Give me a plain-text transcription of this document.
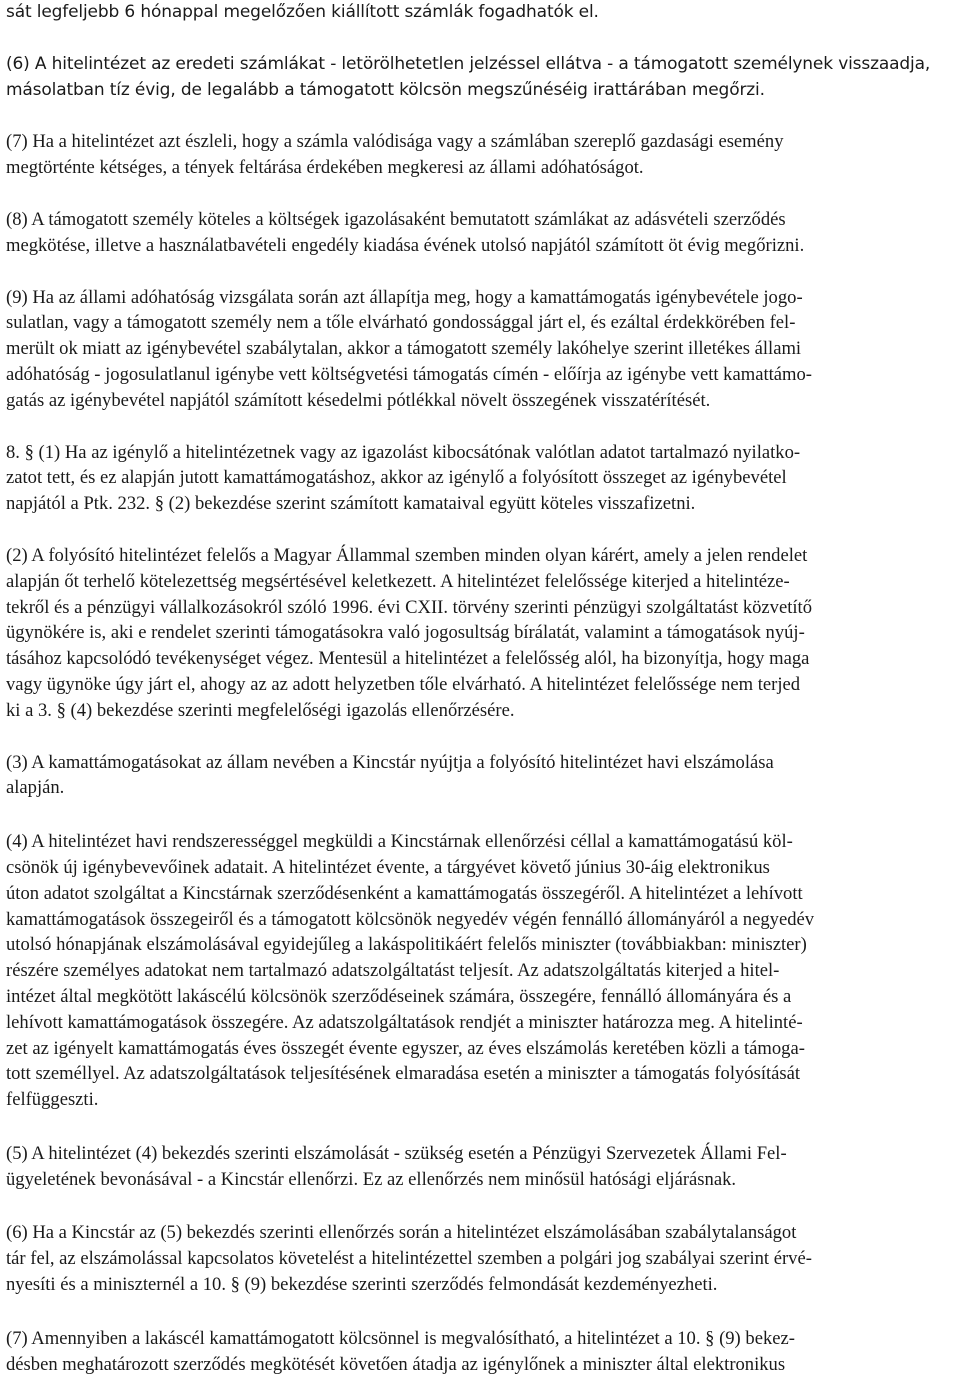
sát legfeljebb 6 hónappal megelőzően kiállított számlák fogadhatók el.

(6) A hitelintézet az eredeti számlákat - letörölhetetlen jelzéssel ellátva - a támogatott személynek visszaadja,
másolatban tíz évig, de legalább a támogatott kölcsön megszűnéséig irattárában megőrzi.

(7) Ha a hitelintézet azt észleli, hogy a számla valódisága vagy a számlában szereplő gazdasági esemény
megtörténte kétséges, a tények feltárása érdekében megkeresi az állami adóhatóságot.

(8) A támogatott személy köteles a költségek igazolásaként bemutatott számlákat az adásvételi szerződés
megkötése, illetve a használatbavételi engedély kiadása évének utolsó napjától számított öt évig megőrizni.

(9) Ha az állami adóhatóság vizsgálata során azt állapítja meg, hogy a kamattámogatás igénybevétele jogo-
sulatlan, vagy a támogatott személy nem a tőle elvárható gondossággal járt el, és ezáltal érdekkörében fel-
merült ok miatt az igénybevétel szabálytalan, akkor a támogatott személy lakóhelye szerint illetékes állami
adóhatóság - jogosulatlanul igénybe vett költségvetési támogatás címén - előírja az igénybe vett kamattámo-
gatás az igénybevétel napjától számított késedelmi pótlékkal növelt összegének visszatérítését.

8. § (1) Ha az igénylő a hitelintézetnek vagy az igazolást kibocsátónak valótlan adatot tartalmazó nyilatko-
zatot tett, és ez alapján jutott kamattámogatáshoz, akkor az igénylő a folyósított összeget az igénybevétel
napjától a Ptk. 232. § (2) bekezdése szerint számított kamataival együtt köteles visszafizetni.

(2) A folyósító hitelintézet felelős a Magyar Állammal szemben minden olyan kárért, amely a jelen rendelet
alapján őt terhelő kötelezettség megsértésével keletkezett. A hitelintézet felelőssége kiterjed a hitelintéze-
tekről és a pénzügyi vállalkozásokról szóló 1996. évi CXII. törvény szerinti pénzügyi szolgáltatást közvetítő
ügynökére is, aki e rendelet szerinti támogatásokra való jogosultság bírálatát, valamint a támogatások nyúj-
tásához kapcsolódó tevékenységet végez. Mentesül a hitelintézet a felelősség alól, ha bizonyítja, hogy maga
vagy ügynöke úgy járt el, ahogy az az adott helyzetben tőle elvárható. A hitelintézet felelőssége nem terjed
ki a 3. § (4) bekezdése szerinti megfelelőségi igazolás ellenőrzésére.

(3) A kamattámogatásokat az állam nevében a Kincstár nyújtja a folyósító hitelintézet havi elszámolása
alapján.

(4) A hitelintézet havi rendszerességgel megküldi a Kincstárnak ellenőrzési céllal a kamattámogatású köl-
csönök új igénybevevőinek adatait. A hitelintézet évente, a tárgyévet követő június 30-áig elektronikus
úton adatot szolgáltat a Kincstárnak szerződésenként a kamattámogatás összegéről. A hitelintézet a lehívott
kamattámogatások összegeiről és a támogatott kölcsönök negyedév végén fennálló állományáról a negyedév
utolsó hónapjának elszámolásával egyidejűleg a lakáspolitikáért felelős miniszter (továbbiakban: miniszter)
részére személyes adatokat nem tartalmazó adatszolgáltatást teljesít. Az adatszolgáltatás kiterjed a hitel-
intézet által megkötött lakáscélú kölcsönök szerződéseinek számára, összegére, fennálló állományára és a
lehívott kamattámogatások összegére. Az adatszolgáltatások rendjét a miniszter határozza meg. A hitelinté-
zet az igényelt kamattámogatás éves összegét évente egyszer, az éves elszámolás keretében közli a támoga-
tott személlyel. Az adatszolgáltatások teljesítésének elmaradása esetén a miniszter a támogatás folyósítását
felfüggeszti.

(5) A hitelintézet (4) bekezdés szerinti elszámolását - szükség esetén a Pénzügyi Szervezetek Állami Fel-
ügyeletének bevonásával - a Kincstár ellenőrzi. Ez az ellenőrzés nem minősül hatósági eljárásnak.

(6) Ha a Kincstár az (5) bekezdés szerinti ellenőrzés során a hitelintézet elszámolásában szabálytalanságot
tár fel, az elszámolással kapcsolatos követelést a hitelintézettel szemben a polgári jog szabályai szerint érvé-
nyesíti és a miniszternél a 10. § (9) bekezdése szerinti szerződés felmondását kezdeményezheti.

(7) Amennyiben a lakáscél kamattámogatott kölcsönnel is megvalósítható, a hitelintézet a 10. § (9) bekez-
désben meghatározott szerződés megkötését követően átadja az igénylőnek a miniszter által elektronikus
